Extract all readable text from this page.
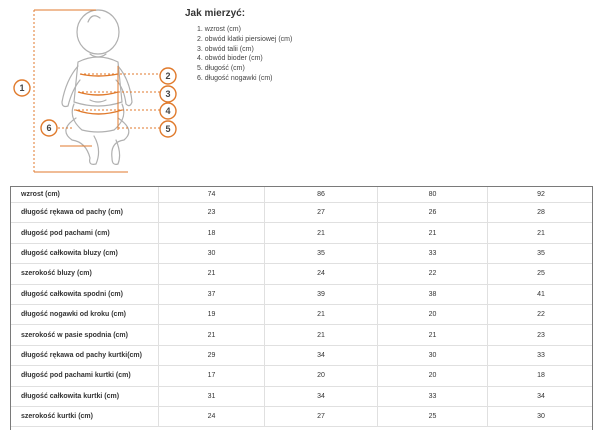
1
2
3
4
5
6

Jak mierzyć:

1. wzrost (cm)
2. obwód klatki piersiowej (cm)
3. obwód talii (cm)
4. obwód bioder (cm)
5. długość (cm)
6. długość nogawki (cm)
wzrost (cm)	74	86	80	92
długość rękawa od pachy (cm)	23	27	26	28
długość pod pachami (cm)	18	21	21	21
długość całkowita bluzy (cm)	30	35	33	35
szerokość bluzy (cm)	21	24	22	25
długość całkowita spodni (cm)	37	39	38	41
długość nogawki od kroku (cm)	19	21	20	22
szerokość w pasie spodnia (cm)	21	21	21	23
długość rękawa od pachy kurtki(cm)	29	34	30	33
długość pod pachami kurtki (cm)	17	20	20	18
długość całkowita kurtki (cm)	31	34	33	34
szerokość kurtki (cm)	24	27	25	30
